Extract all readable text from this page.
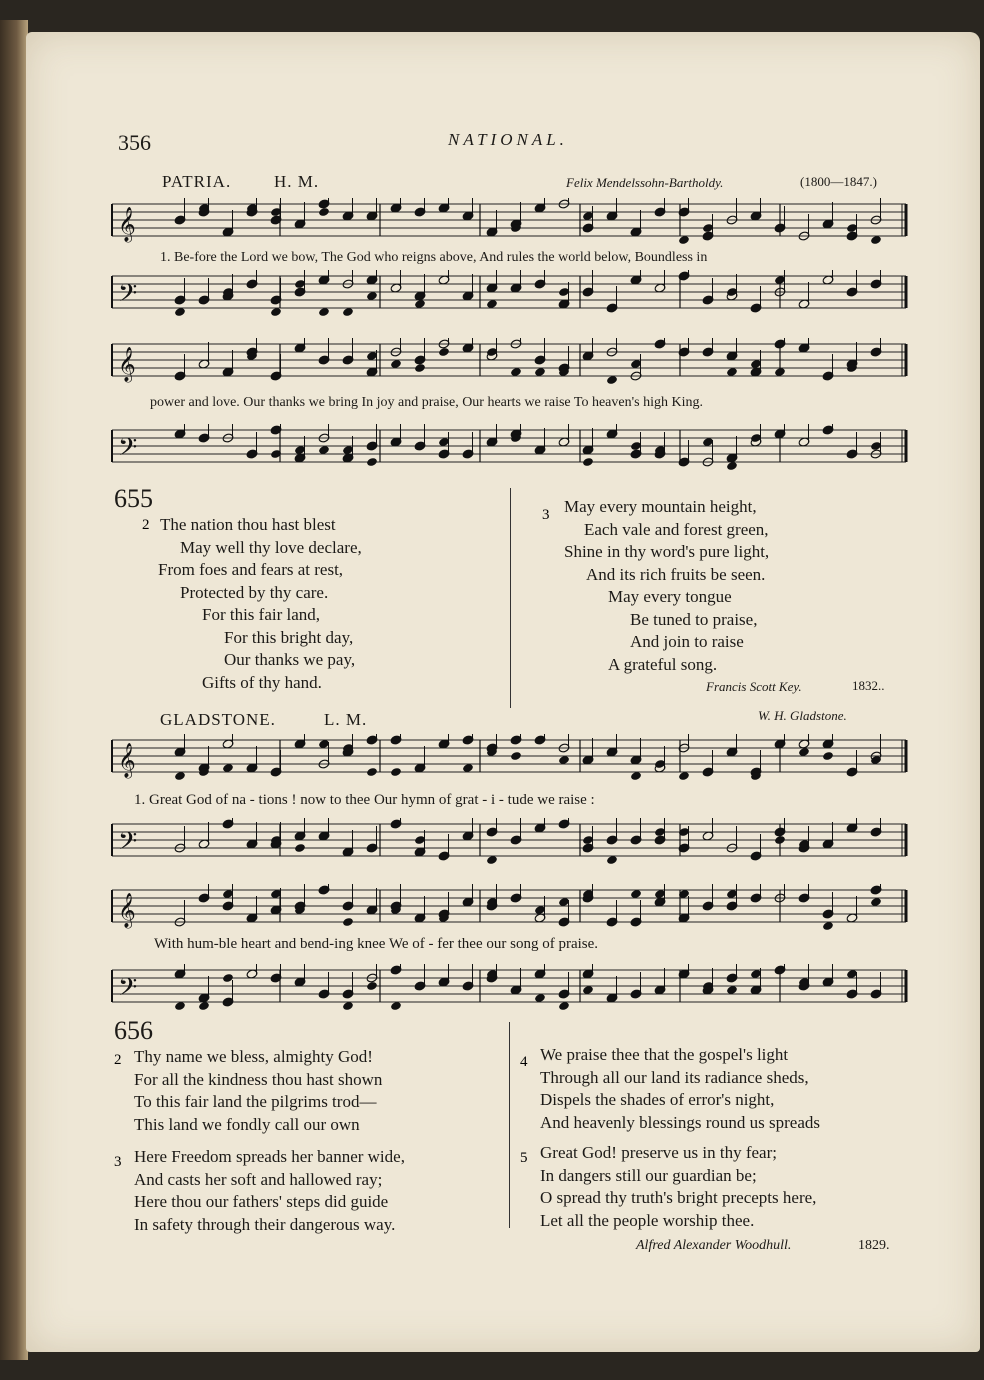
356	NATIONAL.
PATRIA.	H. M.	Felix Mendelssohn-Bartholdy.	(1800—1847.)
𝄞
1. Be-fore the Lord we bow, The God who reigns above, And rules the world below, Boundless in
𝄢
𝄞
power and love. Our thanks we bring In joy and praise, Our hearts we raise To heaven's high King.
𝄢
655
2 The nation thou hast blest
May well thy love declare,
From foes and fears at rest,
Protected by thy care.
For this fair land,
For this bright day,
Our thanks we pay,
Gifts of thy hand.
3 May every mountain height,
Each vale and forest green,
Shine in thy word's pure light,
And its rich fruits be seen.
May every tongue
Be tuned to praise,
And join to raise
A grateful song.
Francis Scott Key.	1832..
GLADSTONE.	L. M.	W. H. Gladstone.
𝄞
1. Great God of na - tions ! now to thee Our hymn of grat - i - tude we raise :
𝄢
𝄞
With hum-ble heart and bend-ing knee We of - fer thee our song of praise.
𝄢
656
2 Thy name we bless, almighty God!
For all the kindness thou hast shown
To this fair land the pilgrims trod—
This land we fondly call our own
3 Here Freedom spreads her banner wide,
And casts her soft and hallowed ray;
Here thou our fathers' steps did guide
In safety through their dangerous way.
4 We praise thee that the gospel's light
Through all our land its radiance sheds,
Dispels the shades of error's night,
And heavenly blessings round us spreads
5 Great God! preserve us in thy fear;
In dangers still our guardian be;
O spread thy truth's bright precepts here,
Let all the people worship thee.
Alfred Alexander Woodhull.	1829.
